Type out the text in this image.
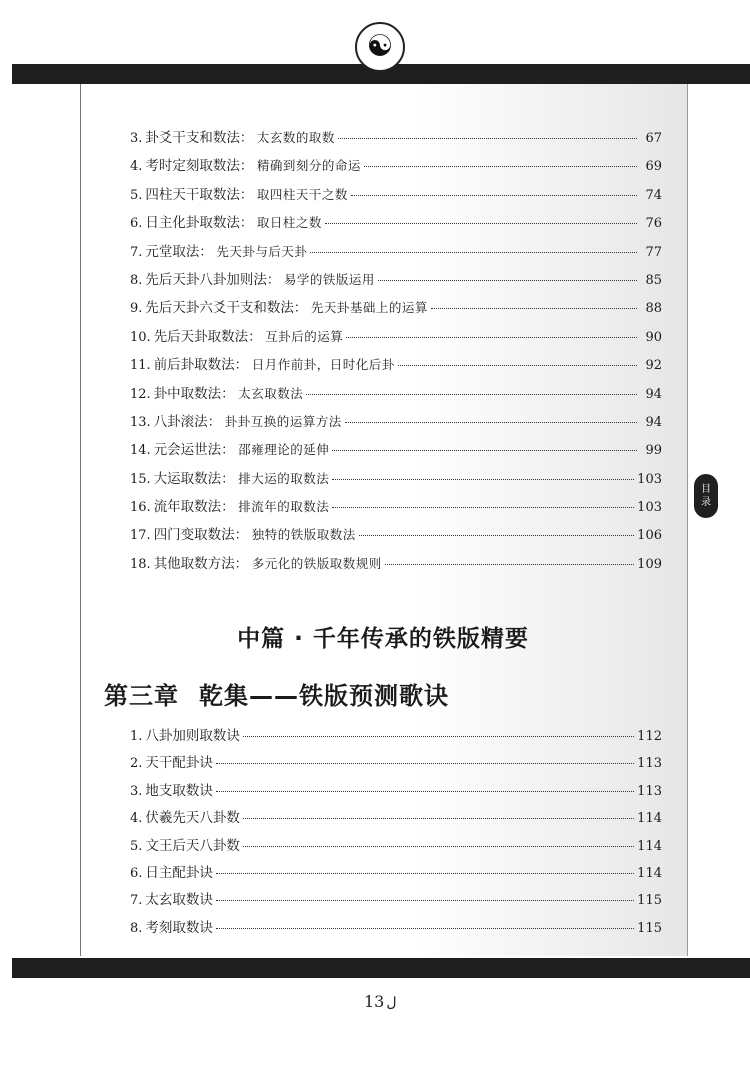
☯
目
录
3. 卦爻干支和数法 ： 太玄数的取数	67
4. 考时定刻取数法 ： 精确到刻分的命运	69
5. 四柱天干取数法 ： 取四柱天干之数	74
6. 日主化卦取数法 ： 取日柱之数	76
7. 元堂取法 ： 先天卦与后天卦	77
8. 先后天卦八卦加则法 ： 易学的铁版运用	85
9. 先后天卦六爻干支和数法 ： 先天卦基础上的运算	88
10. 先后天卦取数法 ： 互卦后的运算	90
11. 前后卦取数法 ： 日月作前卦，日时化后卦	92
12. 卦中取数法 ： 太玄取数法	94
13. 八卦滚法 ： 卦卦互换的运算方法	94
14. 元会运世法 ： 邵雍理论的延伸	99
15. 大运取数法 ： 排大运的取数法	103
16. 流年取数法 ： 排流年的取数法	103
17. 四门变取数法 ： 独特的铁版取数法	106
18. 其他取数方法 ： 多元化的铁版取数规则	109
中篇 · 千年传承的铁版精要
第三章 乾集——铁版预测歌诀
1. 八卦加则取数诀	112
2. 天干配卦诀	113
3. 地支取数诀	113
4. 伏羲先天八卦数	114
5. 文王后天八卦数	114
6. 日主配卦诀	114
7. 太玄取数诀	115
8. 考刻取数诀	115
13 ل
